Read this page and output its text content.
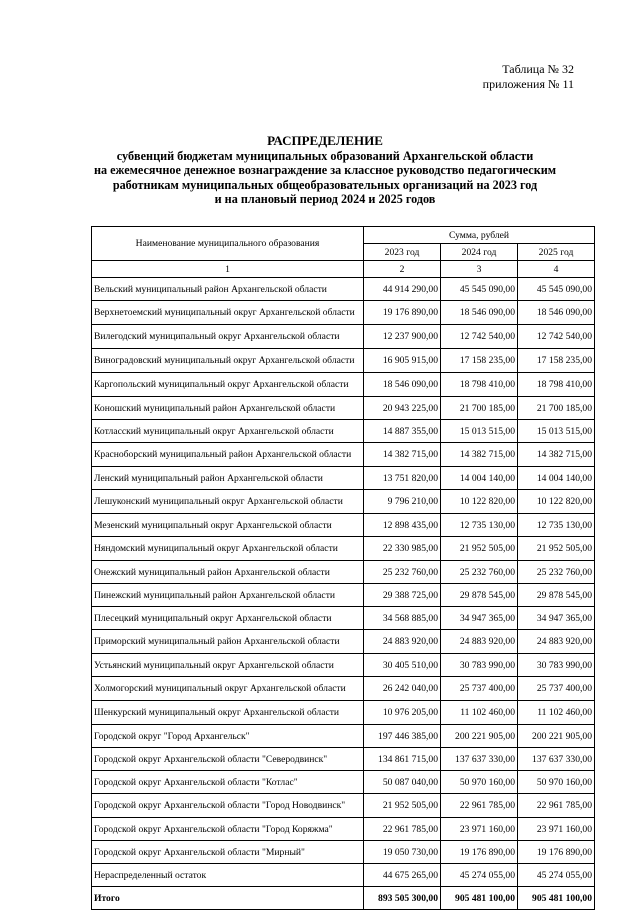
Таблица № 32
приложения № 11
РАСПРЕДЕЛЕНИЕ
субвенций бюджетам муниципальных образований Архангельской области
на ежемесячное денежное вознаграждение за классное руководство педагогическим
работникам муниципальных общеобразовательных организаций на 2023 год
и на плановый период 2024 и 2025 годов
Наименование муниципального образования	Сумма, рублей		
	2023 год	2024 год	2025 год
1	2	3	4
Вельский муниципальный район Архангельской области	44 914 290,00	45 545 090,00	45 545 090,00
Верхнетоемский муниципальный округ Архангельской области	19 176 890,00	18 546 090,00	18 546 090,00
Вилегодский муниципальный округ Архангельской области	12 237 900,00	12 742 540,00	12 742 540,00
Виноградовский муниципальный округ Архангельской области	16 905 915,00	17 158 235,00	17 158 235,00
Каргопольский муниципальный округ Архангельской области	18 546 090,00	18 798 410,00	18 798 410,00
Коношский муниципальный район Архангельской области	20 943 225,00	21 700 185,00	21 700 185,00
Котласский муниципальный округ Архангельской области	14 887 355,00	15 013 515,00	15 013 515,00
Красноборский муниципальный район Архангельской области	14 382 715,00	14 382 715,00	14 382 715,00
Ленский муниципальный район Архангельской области	13 751 820,00	14 004 140,00	14 004 140,00
Лешуконский муниципальный округ Архангельской области	9 796 210,00	10 122 820,00	10 122 820,00
Мезенский муниципальный округ Архангельской области	12 898 435,00	12 735 130,00	12 735 130,00
Няндомский муниципальный округ Архангельской области	22 330 985,00	21 952 505,00	21 952 505,00
Онежский муниципальный район Архангельской области	25 232 760,00	25 232 760,00	25 232 760,00
Пинежский муниципальный район Архангельской области	29 388 725,00	29 878 545,00	29 878 545,00
Плесецкий муниципальный округ Архангельской области	34 568 885,00	34 947 365,00	34 947 365,00
Приморский муниципальный район Архангельской области	24 883 920,00	24 883 920,00	24 883 920,00
Устьянский муниципальный округ Архангельской области	30 405 510,00	30 783 990,00	30 783 990,00
Холмогорский муниципальный округ Архангельской области	26 242 040,00	25 737 400,00	25 737 400,00
Шенкурский муниципальный округ Архангельской области	10 976 205,00	11 102 460,00	11 102 460,00
Городской округ "Город Архангельск"	197 446 385,00	200 221 905,00	200 221 905,00
Городской округ Архангельской области "Северодвинск"	134 861 715,00	137 637 330,00	137 637 330,00
Городской округ Архангельской области "Котлас"	50 087 040,00	50 970 160,00	50 970 160,00
Городской округ Архангельской области "Город Новодвинск"	21 952 505,00	22 961 785,00	22 961 785,00
Городской округ Архангельской области "Город Коряжма"	22 961 785,00	23 971 160,00	23 971 160,00
Городской округ Архангельской области "Мирный"	19 050 730,00	19 176 890,00	19 176 890,00
Нераспределенный остаток	44 675 265,00	45 274 055,00	45 274 055,00
Итого	893 505 300,00	905 481 100,00	905 481 100,00
